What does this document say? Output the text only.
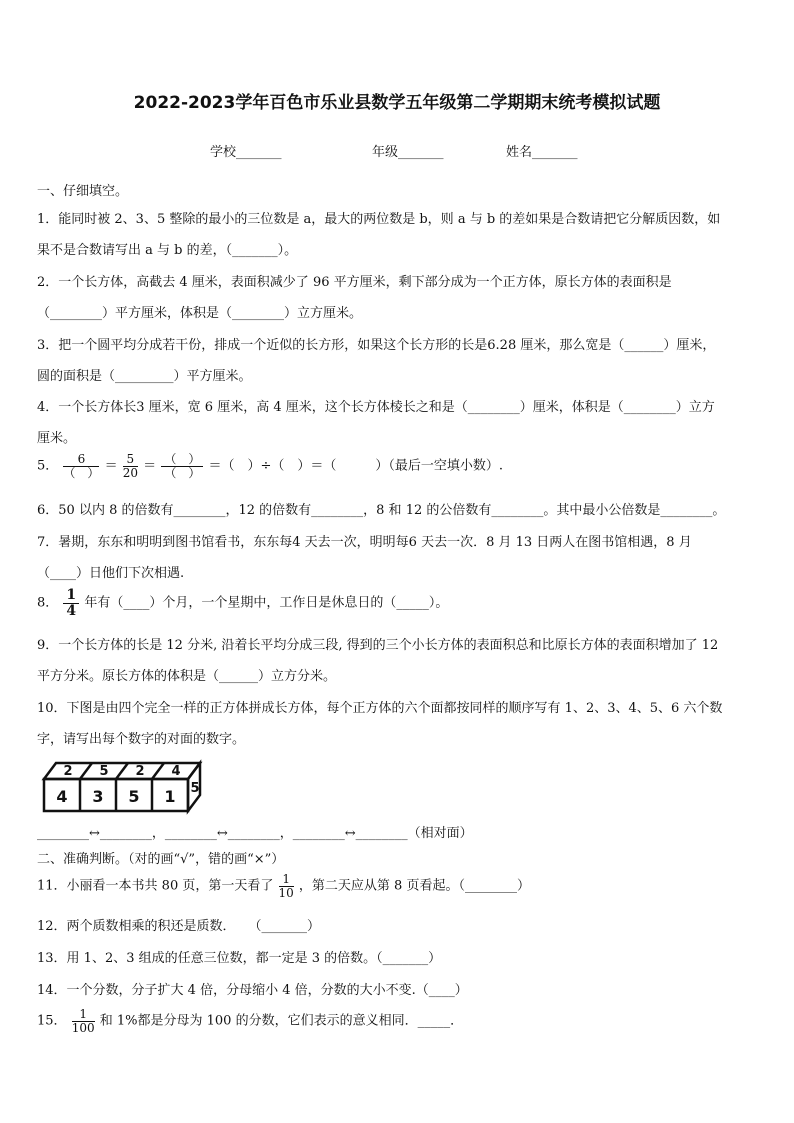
2022-2023学年百色市乐业县数学五年级第二学期期末统考模拟试题
学校_______	年级_______	姓名_______
一、仔细填空。
1．能同时被 2、3、5 整除的最小的三位数是 a，最大的两位数是 b，则 a 与 b 的差如果是合数请把它分解质因数，如
果不是合数请写出 a 与 b 的差，（_______）。
2．一个长方体，高截去 4 厘米，表面积减少了 96 平方厘米，剩下部分成为一个正方体，原长方体的表面积是
（________）平方厘米，体积是（________）立方厘米。
3．把一个圆平均分成若干份，排成一个近似的长方形，如果这个长方形的长是6.28 厘米，那么宽是（______）厘米，
圆的面积是（_________）平方厘米。
4．一个长方体长3 厘米，宽 6 厘米，高 4 厘米，这个长方体棱长之和是（________）厘米，体积是（________）立方
厘米。
5． $\frac{6}{( )} = \frac{5}{20} = \frac{( )}{( )}$ ＝（　）÷（　）＝（　　　）（最后一空填小数）.
6．50 以内 8 的倍数有________，12 的倍数有________，8 和 12 的公倍数有________。其中最小公倍数是________。
7．暑期，东东和明明到图书馆看书，东东每4 天去一次，明明每6 天去一次．8 月 13 日两人在图书馆相遇，8 月
（____）日他们下次相遇.
8． $\frac{1}{4}$ 年有（____）个月，一个星期中，工作日是休息日的（_____）。
9．一个长方体的长是 12 分米, 沿着长平均分成三段, 得到的三个小长方体的表面积总和比原长方体的表面积增加了 12
平方分米。原长方体的体积是（______）立方分米。
10．下图是由四个完全一样的正方体拼成长方体，每个正方体的六个面都按同样的顺序写有 1、2、3、4、5、6 六个数
字，请写出每个数字的对面的数字。
4 3 5 1
2 5 2 4
5
________↔________，________↔________，________↔________（相对面）
二、准确判断。（对的画“√”，错的画“×”）
11．小丽看一本书共 80 页，第一天看了 $\frac{1}{10}$ ，第二天应从第 8 页看起。（________）
12．两个质数相乘的积还是质数．　　（_______）
13．用 1、2、3 组成的任意三位数，都一定是 3 的倍数。（_______）
14．一个分数，分子扩大 4 倍，分母缩小 4 倍，分数的大小不变.（____）
15． $\frac{1}{100}$ 和 1%都是分母为 100 的分数，它们表示的意义相同．_____．
